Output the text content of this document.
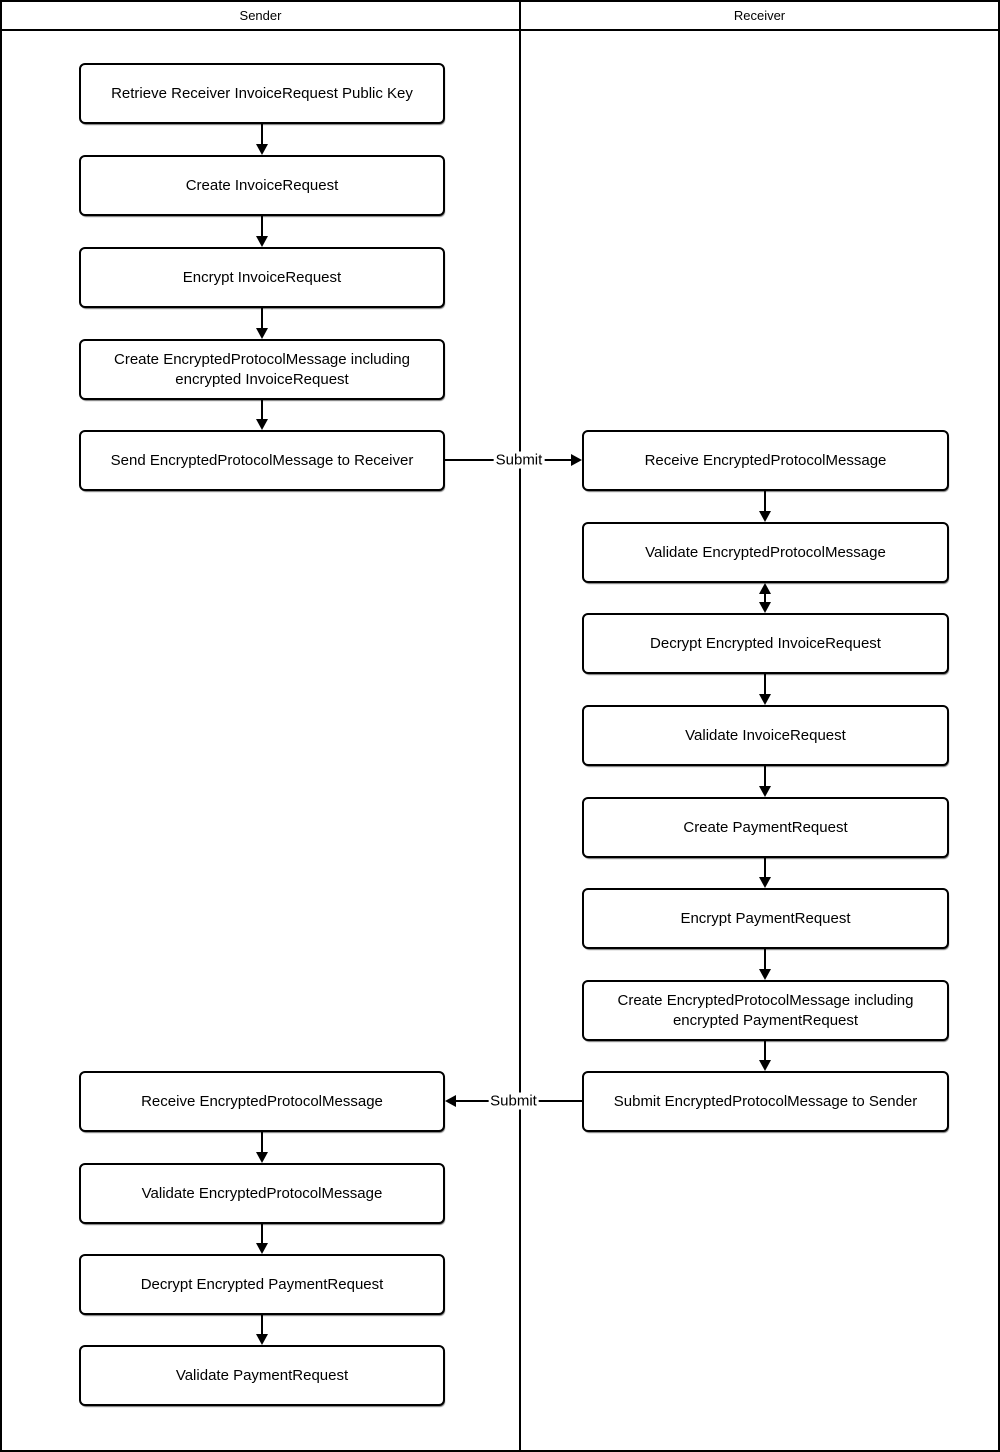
Sender	Receiver
Retrieve Receiver InvoiceRequest Public Key
Create InvoiceRequest
Encrypt InvoiceRequest
Create EncryptedProtocolMessage including encrypted InvoiceRequest
Send EncryptedProtocolMessage to Receiver	Submit	Receive EncryptedProtocolMessage
Validate EncryptedProtocolMessage
Decrypt Encrypted InvoiceRequest
Validate InvoiceRequest
Create PaymentRequest
Encrypt PaymentRequest
Create EncryptedProtocolMessage including encrypted PaymentRequest
Submit EncryptedProtocolMessage to Sender
Submit
Receive EncryptedProtocolMessage
Validate EncryptedProtocolMessage
Decrypt Encrypted PaymentRequest
Validate PaymentRequest
